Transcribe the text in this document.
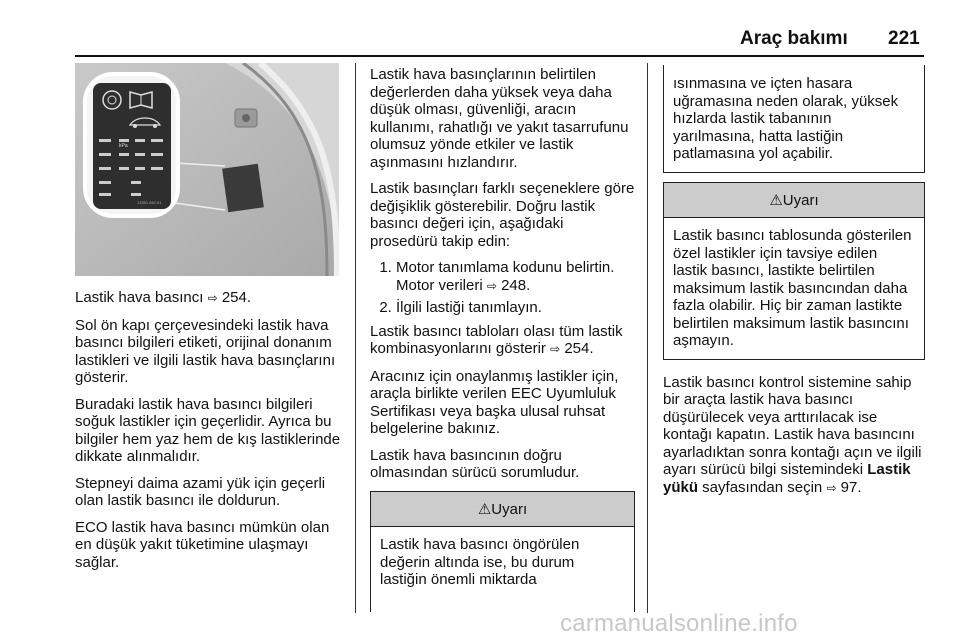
Araç bakımı 221
kPa
13351 862 61

Lastik hava basıncı ⇨ 254.

Sol ön kapı çerçevesindeki lastik hava basıncı bilgileri etiketi, orijinal donanım lastikleri ve ilgili lastik hava basınçlarını gösterir.

Buradaki lastik hava basıncı bilgileri soğuk lastikler için geçerlidir. Ayrıca bu bilgiler hem yaz hem de kış lastiklerinde dikkate alınmalıdır.

Stepneyi daima azami yük için geçerli olan lastik basıncı ile doldurun.

ECO lastik hava basıncı mümkün olan en düşük yakıt tüketimine ulaşmayı sağlar.

Lastik hava basınçlarının belirtilen değerlerden daha yüksek veya daha düşük olması, güvenliği, aracın kullanımı, rahatlığı ve yakıt tasarrufunu olumsuz yönde etkiler ve lastik aşınmasını hızlandırır.

Lastik basınçları farklı seçeneklere göre değişiklik gösterebilir. Doğru lastik basıncı değeri için, aşağıdaki prosedürü takip edin:

1. Motor tanımlama kodunu belirtin. Motor verileri ⇨ 248.
2. İlgili lastiği tanımlayın.

Lastik basıncı tabloları olası tüm lastik kombinasyonlarını gösterir ⇨ 254.

Aracınız için onaylanmış lastikler için, araçla birlikte verilen EEC Uyumluluk Sertifikası veya başka ulusal ruhsat belgelerine bakınız.

Lastik hava basıncının doğru olmasından sürücü sorumludur.

⚠Uyarı
Lastik hava basıncı öngörülen değerin altında ise, bu durum lastiğin önemli miktarda
ısınmasına ve içten hasara uğramasına neden olarak, yüksek hızlarda lastik tabanının yarılmasına, hatta lastiğin patlamasına yol açabilir.
⚠Uyarı
Lastik basıncı tablosunda gösterilen özel lastikler için tavsiye edilen lastik basıncı, lastikte belirtilen maksimum lastik basıncından daha fazla olabilir. Hiç bir zaman lastikte belirtilen maksimum lastik basıncını aşmayın.

Lastik basıncı kontrol sistemine sahip bir araçta lastik hava basıncı düşürülecek veya arttırılacak ise kontağı kapatın. Lastik hava basıncını ayarladıktan sonra kontağı açın ve ilgili ayarı sürücü bilgi sistemindeki Lastik yükü sayfasından seçin ⇨ 97.

carmanualsonline.info
